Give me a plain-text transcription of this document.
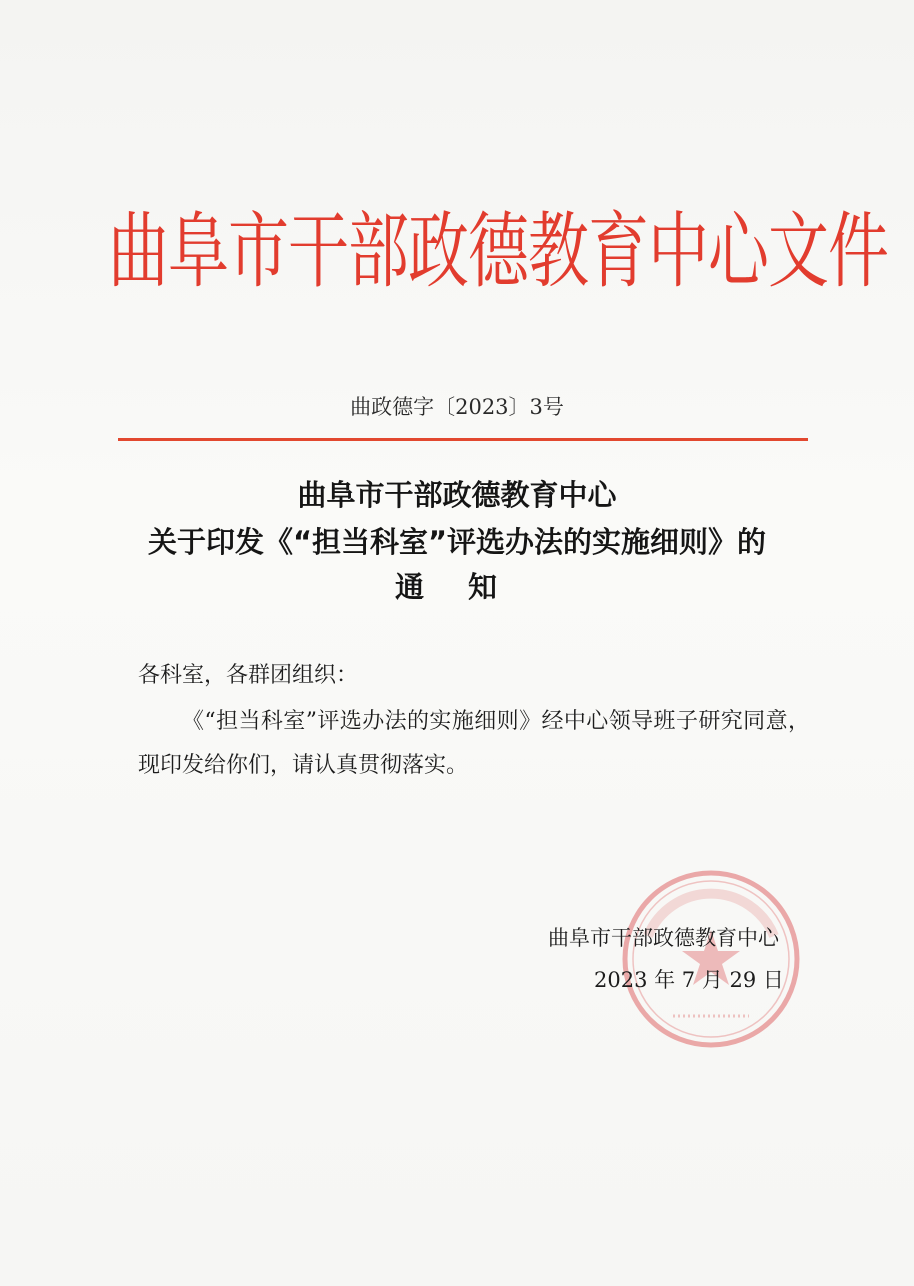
曲阜市干部政德教育中心文件
曲政德字〔2023〕3号
曲阜市干部政德教育中心
关于印发《“担当科室”评选办法的实施细则》的
通知
各科室，各群团组织：
《“担当科室”评选办法的实施细则》经中心领导班子研究同意，现印发给你们，请认真贯彻落实。
曲阜市干部政德教育中心
2023 年 7 月 29 日
